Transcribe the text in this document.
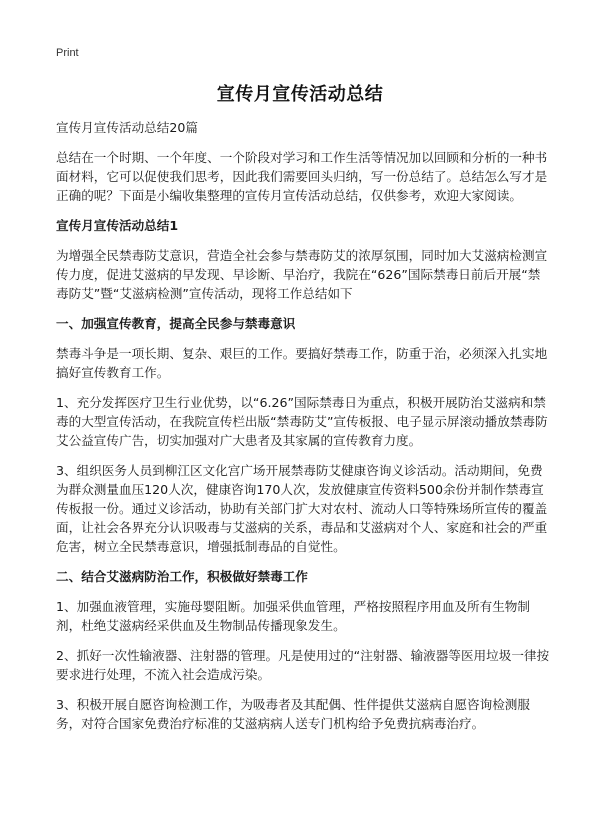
Print
宣传月宣传活动总结
宣传月宣传活动总结20篇
总结在一个时期、一个年度、一个阶段对学习和工作生活等情况加以回顾和分析的一种书面材料，它可以促使我们思考，因此我们需要回头归纳，写一份总结了。总结怎么写才是正确的呢？下面是小编收集整理的宣传月宣传活动总结，仅供参考，欢迎大家阅读。
宣传月宣传活动总结1
为增强全民禁毒防艾意识，营造全社会参与禁毒防艾的浓厚氛围，同时加大艾滋病检测宣传力度，促进艾滋病的早发现、早诊断、早治疗，我院在“626”国际禁毒日前后开展“禁毒防艾”暨“艾滋病检测”宣传活动，现将工作总结如下
一、加强宣传教育，提高全民参与禁毒意识
禁毒斗争是一项长期、复杂、艰巨的工作。要搞好禁毒工作，防重于治，必须深入扎实地搞好宣传教育工作。
1、充分发挥医疗卫生行业优势，以“6.26”国际禁毒日为重点，积极开展防治艾滋病和禁毒的大型宣传活动，在我院宣传栏出版“禁毒防艾”宣传板报、电子显示屏滚动播放禁毒防艾公益宣传广告，切实加强对广大患者及其家属的宣传教育力度。
3、组织医务人员到柳江区文化宫广场开展禁毒防艾健康咨询义诊活动。活动期间，免费为群众测量血压120人次，健康咨询170人次，发放健康宣传资料500余份并制作禁毒宣传板报一份。通过义诊活动，协助有关部门扩大对农村、流动人口等特殊场所宣传的覆盖面，让社会各界充分认识吸毒与艾滋病的关系，毒品和艾滋病对个人、家庭和社会的严重危害，树立全民禁毒意识，增强抵制毒品的自觉性。
二、结合艾滋病防治工作，积极做好禁毒工作
1、加强血液管理，实施母婴阻断。加强采供血管理，严格按照程序用血及所有生物制剂，杜绝艾滋病经采供血及生物制品传播现象发生。
2、抓好一次性输液器、注射器的管理。凡是使用过的“注射器、输液器等医用垃圾一律按要求进行处理，不流入社会造成污染。
3、积极开展自愿咨询检测工作，为吸毒者及其配偶、性伴提供艾滋病自愿咨询检测服务，对符合国家免费治疗标准的艾滋病病人送专门机构给予免费抗病毒治疗。
